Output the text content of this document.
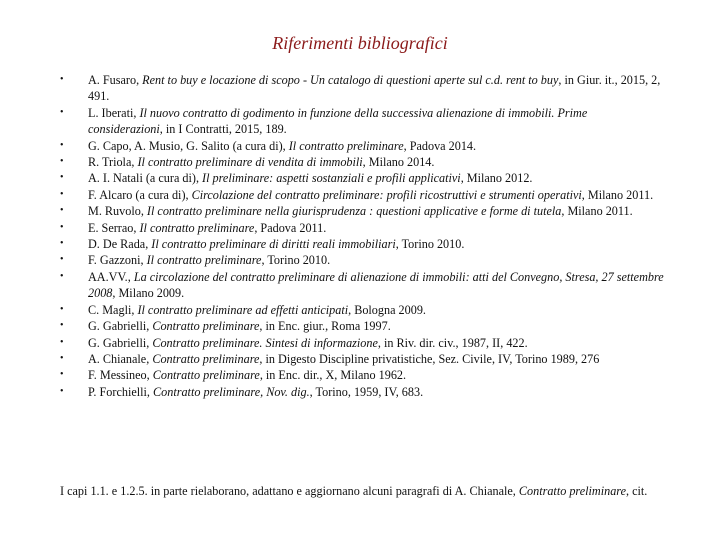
Riferimenti bibliografici
• A. Fusaro, Rent to buy e locazione di scopo - Un catalogo di questioni aperte sul c.d. rent to buy, in Giur. it., 2015, 2, 491.
• L. Iberati, Il nuovo contratto di godimento in funzione della successiva alienazione di immobili. Prime considerazioni, in I Contratti, 2015, 189.
• G. Capo, A. Musio, G. Salito (a cura di), Il contratto preliminare, Padova 2014.
• R. Triola, Il contratto preliminare di vendita di immobili, Milano 2014.
• A. I. Natali (a cura di), Il preliminare: aspetti sostanziali e profili applicativi, Milano 2012.
• F. Alcaro (a cura di), Circolazione del contratto preliminare: profili ricostruttivi e strumenti operativi, Milano 2011.
• M. Ruvolo, Il contratto preliminare nella giurisprudenza : questioni applicative e forme di tutela, Milano 2011.
• E. Serrao, Il contratto preliminare, Padova 2011.
• D. De Rada, Il contratto preliminare di diritti reali immobiliari, Torino 2010.
• F. Gazzoni, Il contratto preliminare, Torino 2010.
• AA.VV., La circolazione del contratto preliminare di alienazione di immobili: atti del Convegno, Stresa, 27 settembre 2008, Milano 2009.
• C. Magli, Il contratto preliminare ad effetti anticipati, Bologna 2009.
• G. Gabrielli, Contratto preliminare, in Enc. giur., Roma 1997.
• G. Gabrielli, Contratto preliminare. Sintesi di informazione, in Riv. dir. civ., 1987, II, 422.
• A. Chianale, Contratto preliminare, in Digesto Discipline privatistiche, Sez. Civile, IV, Torino 1989, 276
• F. Messineo, Contratto preliminare, in Enc. dir., X, Milano 1962.
• P. Forchielli, Contratto preliminare, Nov. dig., Torino, 1959, IV, 683.
I capi 1.1. e 1.2.5. in parte rielaborano, adattano e aggiornano alcuni paragrafi di A. Chianale, Contratto preliminare, cit.
